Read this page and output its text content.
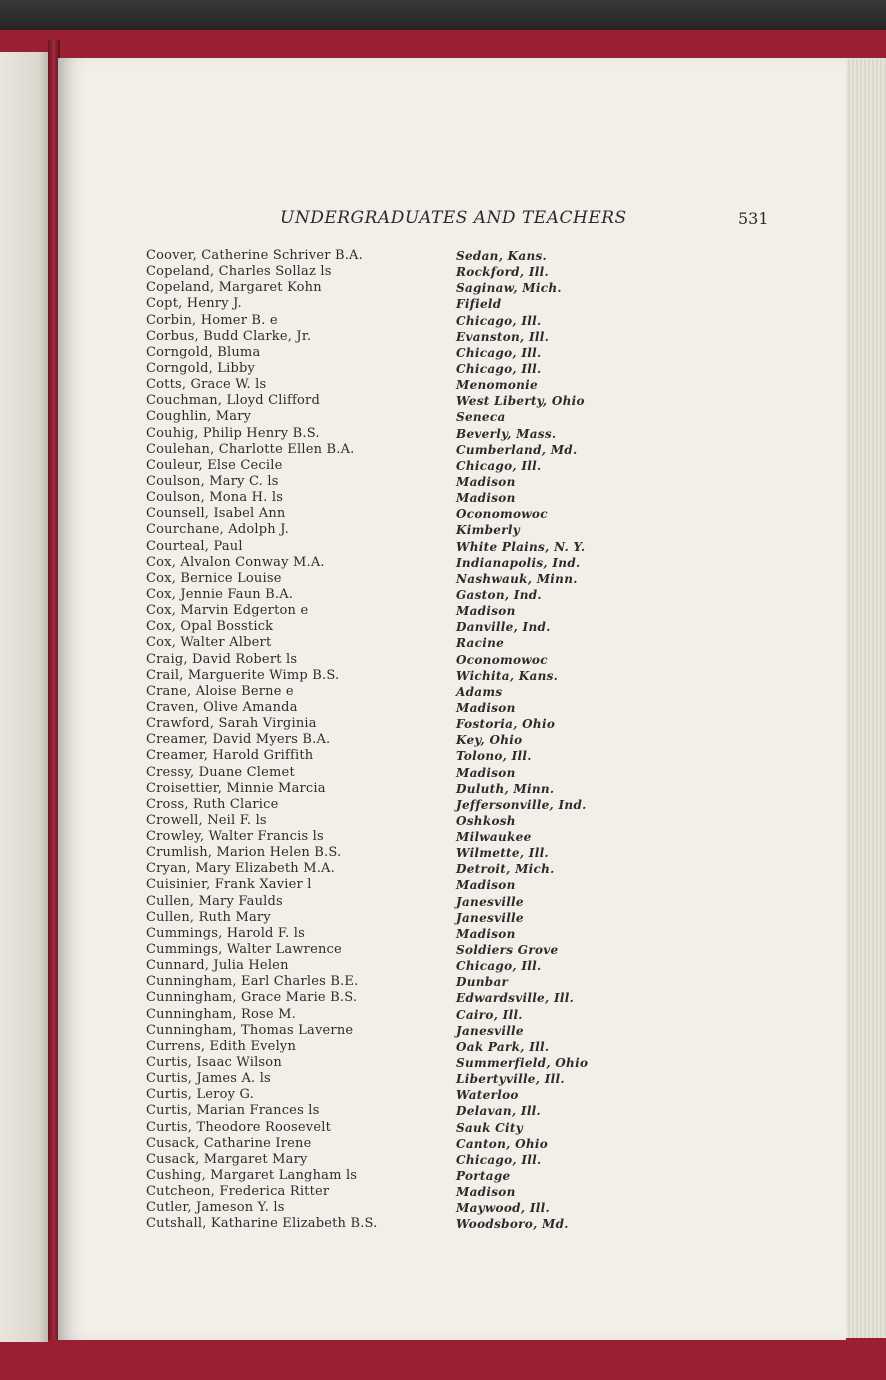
UNDERGRADUATES AND TEACHERS	531
Coover, Catherine Schriver B.A.	Sedan, Kans.
Copeland, Charles Sollaz ls	Rockford, Ill.
Copeland, Margaret Kohn	Saginaw, Mich.
Copt, Henry J.	Fifield
Corbin, Homer B. e	Chicago, Ill.
Corbus, Budd Clarke, Jr.	Evanston, Ill.
Corngold, Bluma	Chicago, Ill.
Corngold, Libby	Chicago, Ill.
Cotts, Grace W. ls	Menomonie
Couchman, Lloyd Clifford	West Liberty, Ohio
Coughlin, Mary	Seneca
Couhig, Philip Henry B.S.	Beverly, Mass.
Coulehan, Charlotte Ellen B.A.	Cumberland, Md.
Couleur, Else Cecile	Chicago, Ill.
Coulson, Mary C. ls	Madison
Coulson, Mona H. ls	Madison
Counsell, Isabel Ann	Oconomowoc
Courchane, Adolph J.	Kimberly
Courteal, Paul	White Plains, N. Y.
Cox, Alvalon Conway M.A.	Indianapolis, Ind.
Cox, Bernice Louise	Nashwauk, Minn.
Cox, Jennie Faun B.A.	Gaston, Ind.
Cox, Marvin Edgerton e	Madison
Cox, Opal Bosstick	Danville, Ind.
Cox, Walter Albert	Racine
Craig, David Robert ls	Oconomowoc
Crail, Marguerite Wimp B.S.	Wichita, Kans.
Crane, Aloise Berne e	Adams
Craven, Olive Amanda	Madison
Crawford, Sarah Virginia	Fostoria, Ohio
Creamer, David Myers B.A.	Key, Ohio
Creamer, Harold Griffith	Tolono, Ill.
Cressy, Duane Clemet	Madison
Croisettier, Minnie Marcia	Duluth, Minn.
Cross, Ruth Clarice	Jeffersonville, Ind.
Crowell, Neil F. ls	Oshkosh
Crowley, Walter Francis ls	Milwaukee
Crumlish, Marion Helen B.S.	Wilmette, Ill.
Cryan, Mary Elizabeth M.A.	Detroit, Mich.
Cuisinier, Frank Xavier l	Madison
Cullen, Mary Faulds	Janesville
Cullen, Ruth Mary	Janesville
Cummings, Harold F. ls	Madison
Cummings, Walter Lawrence	Soldiers Grove
Cunnard, Julia Helen	Chicago, Ill.
Cunningham, Earl Charles B.E.	Dunbar
Cunningham, Grace Marie B.S.	Edwardsville, Ill.
Cunningham, Rose M.	Cairo, Ill.
Cunningham, Thomas Laverne	Janesville
Currens, Edith Evelyn	Oak Park, Ill.
Curtis, Isaac Wilson	Summerfield, Ohio
Curtis, James A. ls	Libertyville, Ill.
Curtis, Leroy G.	Waterloo
Curtis, Marian Frances ls	Delavan, Ill.
Curtis, Theodore Roosevelt	Sauk City
Cusack, Catharine Irene	Canton, Ohio
Cusack, Margaret Mary	Chicago, Ill.
Cushing, Margaret Langham ls	Portage
Cutcheon, Frederica Ritter	Madison
Cutler, Jameson Y. ls	Maywood, Ill.
Cutshall, Katharine Elizabeth B.S.	Woodsboro, Md.
